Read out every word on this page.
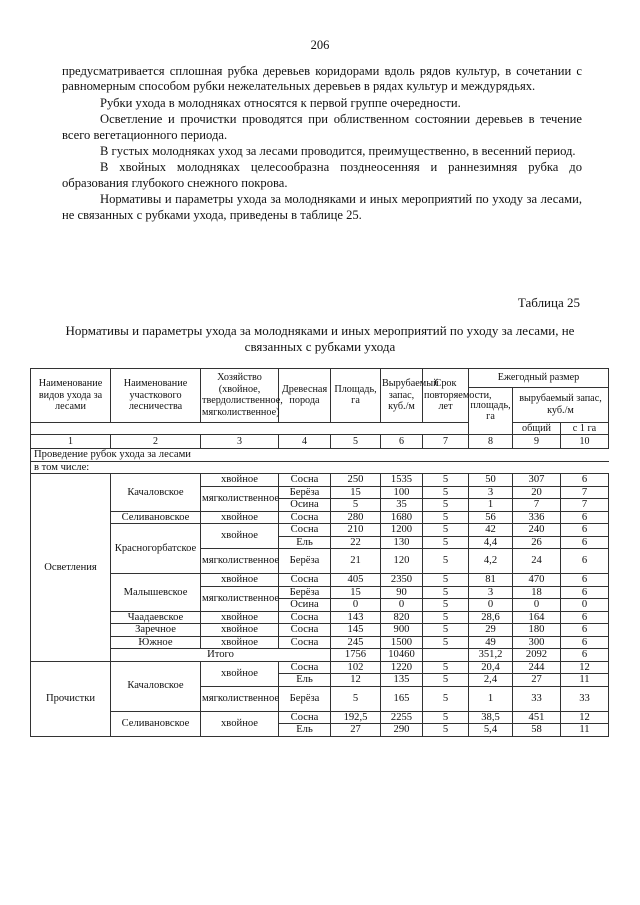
206

предусматривается сплошная рубка деревьев коридорами вдоль рядов культур, в сочетании с равномерным способом рубки нежелательных деревьев в рядах культур и междурядьях.

Рубки ухода в молодняках относятся к первой группе очередности.

Осветление и прочистки проводятся при облиственном состоянии деревьев в течение всего вегетационного периода.

В густых молодняках уход за лесами проводится, преимущественно, в весенний период.

В хвойных молодняках целесообразна позднеосенняя и раннезимняя рубка до образования глубокого снежного покрова.

Нормативы и параметры ухода за молодняками и иных мероприятий по уходу за лесами, не связанных с рубками ухода, приведены в таблице 25.

Таблица 25
Нормативы и параметры ухода за молодняками и иных мероприятий по уходу за лесами, не связанных с рубками ухода
Наименование видов ухода за лесами	Наименование участкового лесничества	Хозяйство (хвойное, твердолиственное, мягколиственное)	Древесная порода	Площадь, га	Вырубаемый запас, куб./м	Срок повторяемости, лет	Ежегодный размер		
							площадь, га	вырубаемый запас, куб./м	
								общий	с 1 га
1	2	3	4	5	6	7	8	9	10
Проведение рубок ухода за лесами									
в том числе:									
Осветления	Качаловское	хвойное	Сосна	250	1535	5	50	307	6
		мягколиственное	Берёза	15	100	5	3	20	7
			Осина	5	35	5	1	7	7
	Селивановское	хвойное	Сосна	280	1680	5	56	336	6
	Красногорбатское	хвойное	Сосна	210	1200	5	42	240	6
			Ель	22	130	5	4,4	26	6
		мягколиственное	Берёза	21	120	5	4,2	24	6
	Малышевское	хвойное	Сосна	405	2350	5	81	470	6
		мягколиственное	Берёза	15	90	5	3	18	6
			Осина	0	0	5	0	0	0
	Чаадаевское	хвойное	Сосна	143	820	5	28,6	164	6
	Заречное	хвойное	Сосна	145	900	5	29	180	6
	Южное	хвойное	Сосна	245	1500	5	49	300	6
	Итого			1756	10460		351,2	2092	6
Прочистки	Качаловское	хвойное	Сосна	102	1220	5	20,4	244	12
			Ель	12	135	5	2,4	27	11
		мягколиственное	Берёза	5	165	5	1	33	33
	Селивановское	хвойное	Сосна	192,5	2255	5	38,5	451	12
			Ель	27	290	5	5,4	58	11
